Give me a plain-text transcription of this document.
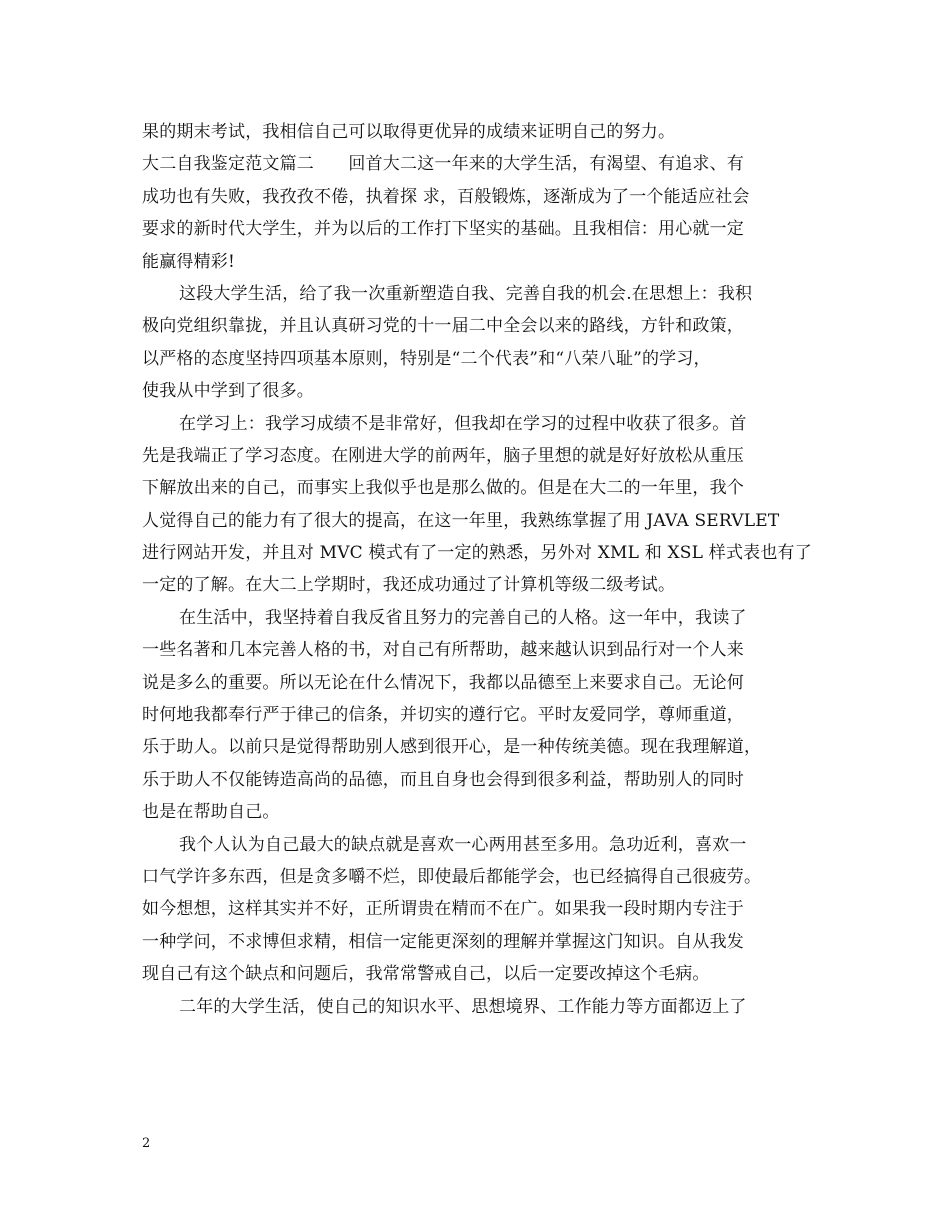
果的期末考试，我相信自己可以取得更优异的成绩来证明自己的努力。
大二自我鉴定范文篇二　　回首大二这一年来的大学生活，有渴望、有追求、有
成功也有失败，我孜孜不倦，执着探 求，百般锻炼，逐渐成为了一个能适应社会
要求的新时代大学生，并为以后的工作打下坚实的基础。且我相信：用心就一定
能赢得精彩!
这段大学生活，给了我一次重新塑造自我、完善自我的机会.在思想上：我积
极向党组织靠拢，并且认真研习党的十一届二中全会以来的路线，方针和政策，
以严格的态度坚持四项基本原则，特别是“二个代表”和“八荣八耻”的学习，
使我从中学到了很多。
在学习上：我学习成绩不是非常好，但我却在学习的过程中收获了很多。首
先是我端正了学习态度。在刚进大学的前两年，脑子里想的就是好好放松从重压
下解放出来的自己，而事实上我似乎也是那么做的。但是在大二的一年里，我个
人觉得自己的能力有了很大的提高，在这一年里，我熟练掌握了用 JAVA SERVLET
进行网站开发，并且对 MVC 模式有了一定的熟悉，另外对 XML 和 XSL 样式表也有了
一定的了解。在大二上学期时，我还成功通过了计算机等级二级考试。
在生活中，我坚持着自我反省且努力的完善自己的人格。这一年中，我读了
一些名著和几本完善人格的书，对自己有所帮助，越来越认识到品行对一个人来
说是多么的重要。所以无论在什么情况下，我都以品德至上来要求自己。无论何
时何地我都奉行严于律己的信条，并切实的遵行它。平时友爱同学，尊师重道，
乐于助人。以前只是觉得帮助别人感到很开心，是一种传统美德。现在我理解道，
乐于助人不仅能铸造高尚的品德，而且自身也会得到很多利益，帮助别人的同时
也是在帮助自己。
我个人认为自己最大的缺点就是喜欢一心两用甚至多用。急功近利，喜欢一
口气学许多东西，但是贪多嚼不烂，即使最后都能学会，也已经搞得自己很疲劳。
如今想想，这样其实并不好，正所谓贵在精而不在广。如果我一段时期内专注于
一种学问，不求博但求精，相信一定能更深刻的理解并掌握这门知识。自从我发
现自己有这个缺点和问题后，我常常警戒自己，以后一定要改掉这个毛病。
二年的大学生活，使自己的知识水平、思想境界、工作能力等方面都迈上了
2
